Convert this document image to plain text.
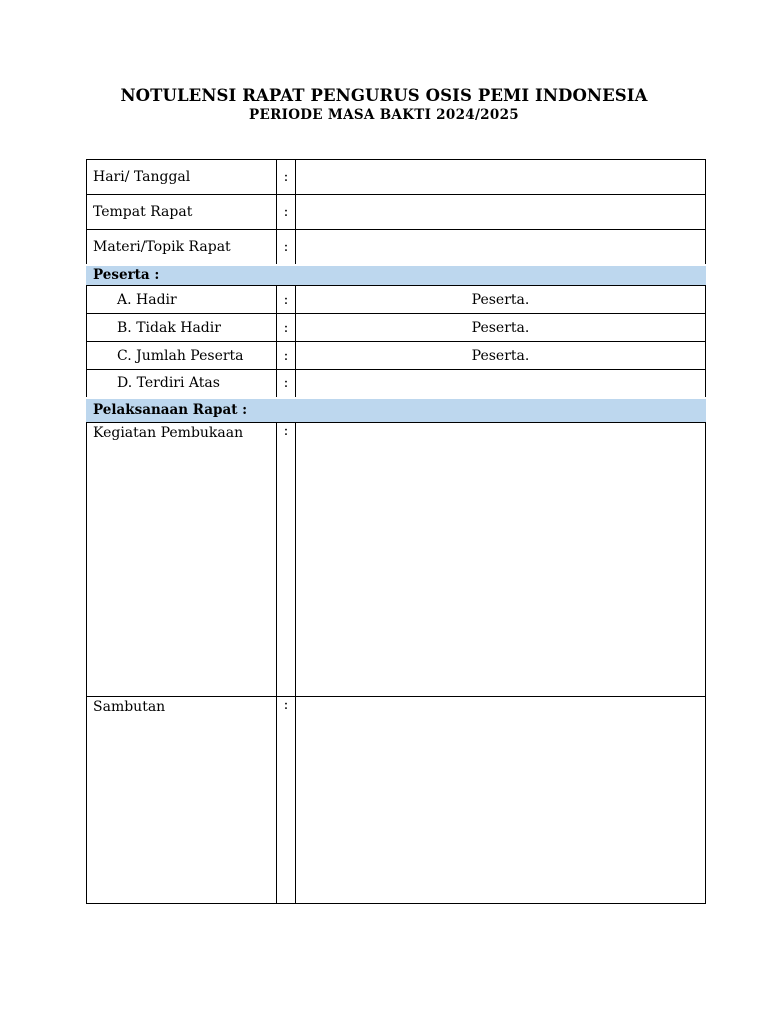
NOTULENSI RAPAT PENGURUS OSIS PEMI INDONESIA
PERIODE MASA BAKTI 2024/2025
Hari/ Tanggal	:	
Tempat Rapat	:	
Materi/Topik Rapat	:	
Peserta :		
A. Hadir	:	Peserta.
B. Tidak Hadir	:	Peserta.
C. Jumlah Peserta	:	Peserta.
D. Terdiri Atas	:	
Pelaksanaan Rapat :		
Kegiatan Pembukaan	:	
Sambutan	:	
